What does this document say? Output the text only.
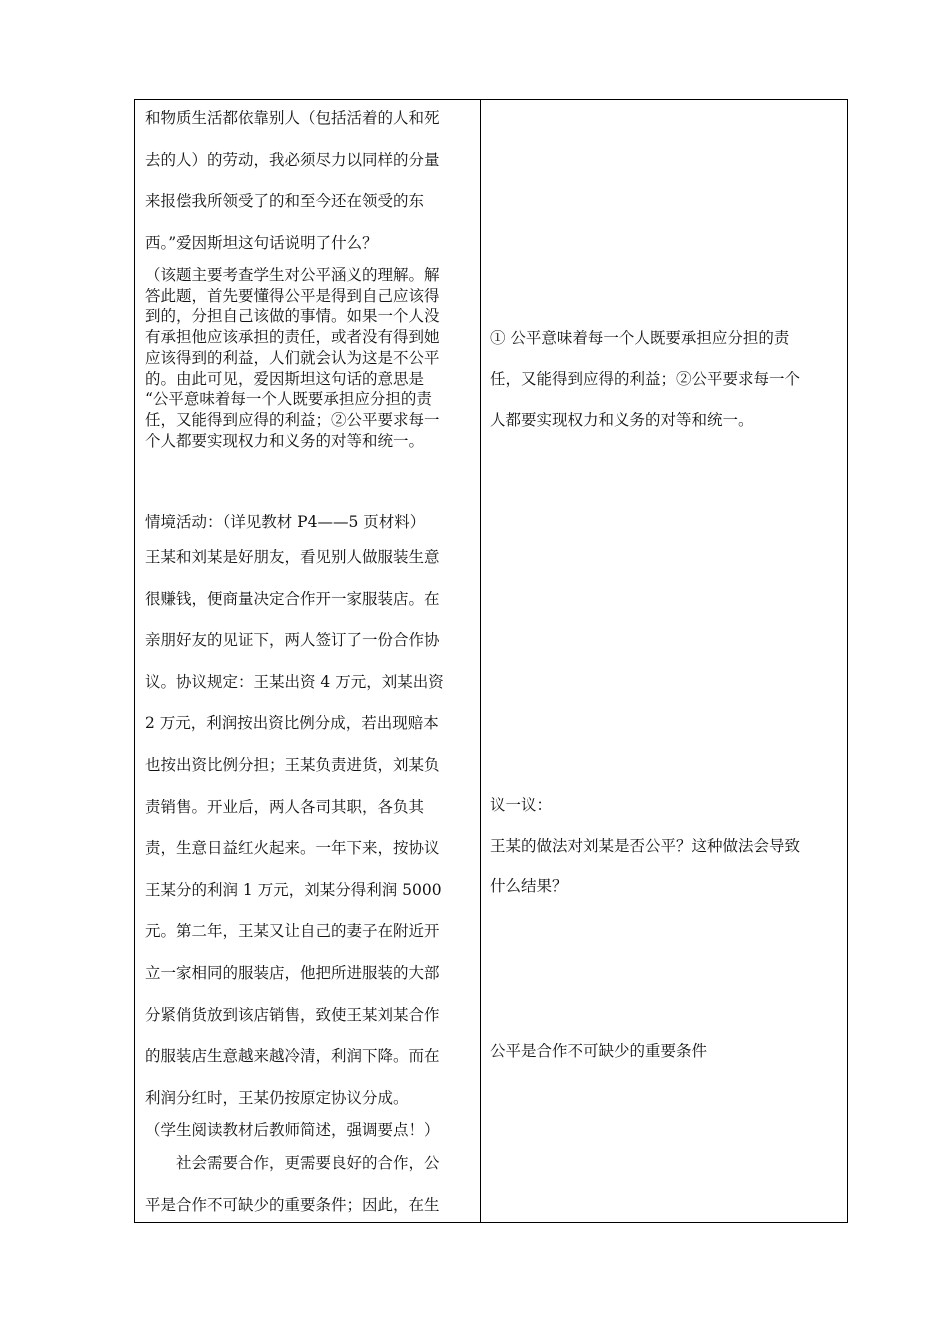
和物质生活都依靠别人（包括活着的人和死

去的人）的劳动，我必须尽力以同样的分量

来报偿我所领受了的和至今还在领受的东

西。”爱因斯坦这句话说明了什么？

（该题主要考查学生对公平涵义的理解。解

答此题，首先要懂得公平是得到自己应该得

到的，分担自己该做的事情。如果一个人没

有承担他应该承担的责任，或者没有得到她

应该得到的利益，人们就会认为这是不公平

的。由此可见，爱因斯坦这句话的意思是

“公平意味着每一个人既要承担应分担的责

任，又能得到应得的利益；②公平要求每一

个人都要实现权力和义务的对等和统一。

情境活动：（详见教材 P4——5 页材料）

王某和刘某是好朋友，看见别人做服装生意

很赚钱，便商量决定合作开一家服装店。在

亲朋好友的见证下，两人签订了一份合作协

议。协议规定：王某出资 4 万元，刘某出资

2 万元，利润按出资比例分成，若出现赔本

也按出资比例分担；王某负责进货，刘某负

责销售。开业后，两人各司其职，各负其

责，生意日益红火起来。一年下来，按协议

王某分的利润 1 万元，刘某分得利润 5000

元。第二年，王某又让自己的妻子在附近开

立一家相同的服装店，他把所进服装的大部

分紧俏货放到该店销售，致使王某刘某合作

的服装店生意越来越冷清，利润下降。而在

利润分红时，王某仍按原定协议分成。

（学生阅读教材后教师简述，强调要点！）

　　社会需要合作，更需要良好的合作，公

平是合作不可缺少的重要条件；因此，在生

① 公平意味着每一个人既要承担应分担的责

任，又能得到应得的利益；②公平要求每一个

人都要实现权力和义务的对等和统一。

议一议：

王某的做法对刘某是否公平？这种做法会导致

什么结果？

公平是合作不可缺少的重要条件
